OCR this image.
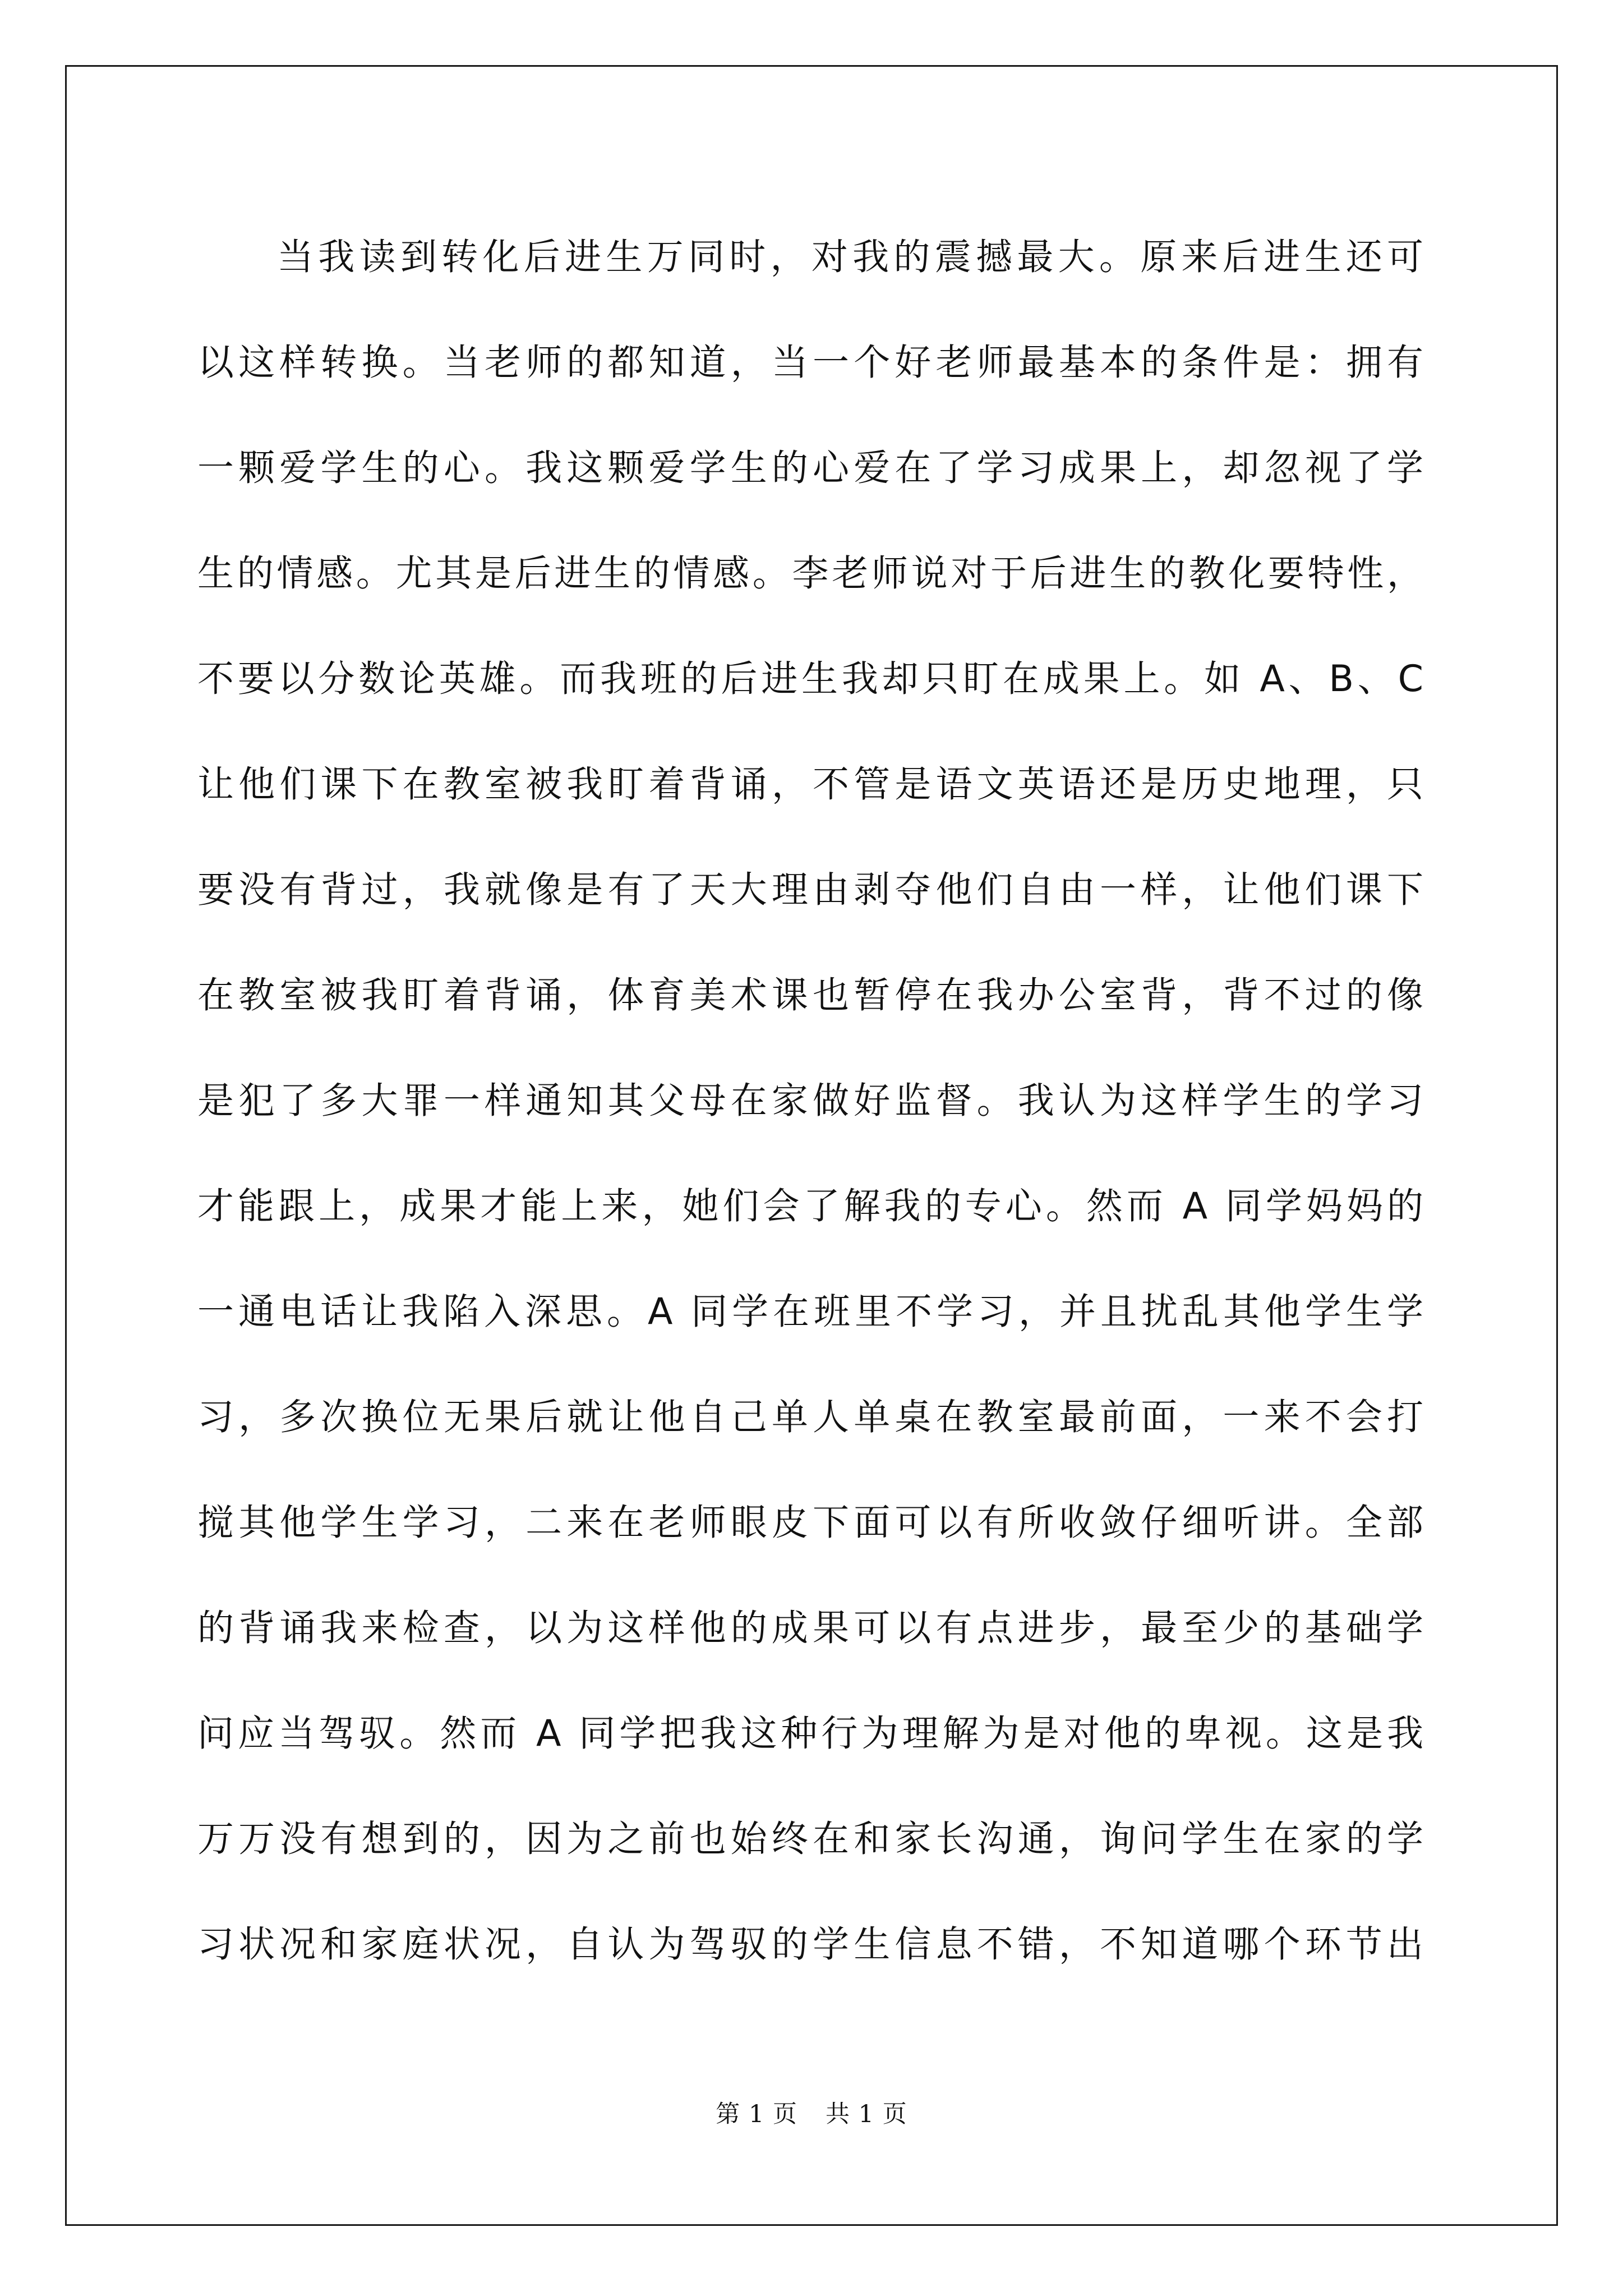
当我读到转化后进生万同时，对我的震撼最大。原来后进生还可
以这样转换。当老师的都知道，当一个好老师最基本的条件是：拥有
一颗爱学生的心。我这颗爱学生的心爱在了学习成果上，却忽视了学
生的情感。尤其是后进生的情感。李老师说对于后进生的教化要特性，
不要以分数论英雄。而我班的后进生我却只盯在成果上。如 A、B、C
让他们课下在教室被我盯着背诵，不管是语文英语还是历史地理，只
要没有背过，我就像是有了天大理由剥夺他们自由一样，让他们课下
在教室被我盯着背诵，体育美术课也暂停在我办公室背，背不过的像
是犯了多大罪一样通知其父母在家做好监督。我认为这样学生的学习
才能跟上，成果才能上来，她们会了解我的专心。然而 A 同学妈妈的
一通电话让我陷入深思。A 同学在班里不学习，并且扰乱其他学生学
习，多次换位无果后就让他自己单人单桌在教室最前面，一来不会打
搅其他学生学习，二来在老师眼皮下面可以有所收敛仔细听讲。全部
的背诵我来检查，以为这样他的成果可以有点进步，最至少的基础学
问应当驾驭。然而 A 同学把我这种行为理解为是对他的卑视。这是我
万万没有想到的，因为之前也始终在和家长沟通，询问学生在家的学
习状况和家庭状况，自认为驾驭的学生信息不错，不知道哪个环节出
第 1 页 共 1 页
